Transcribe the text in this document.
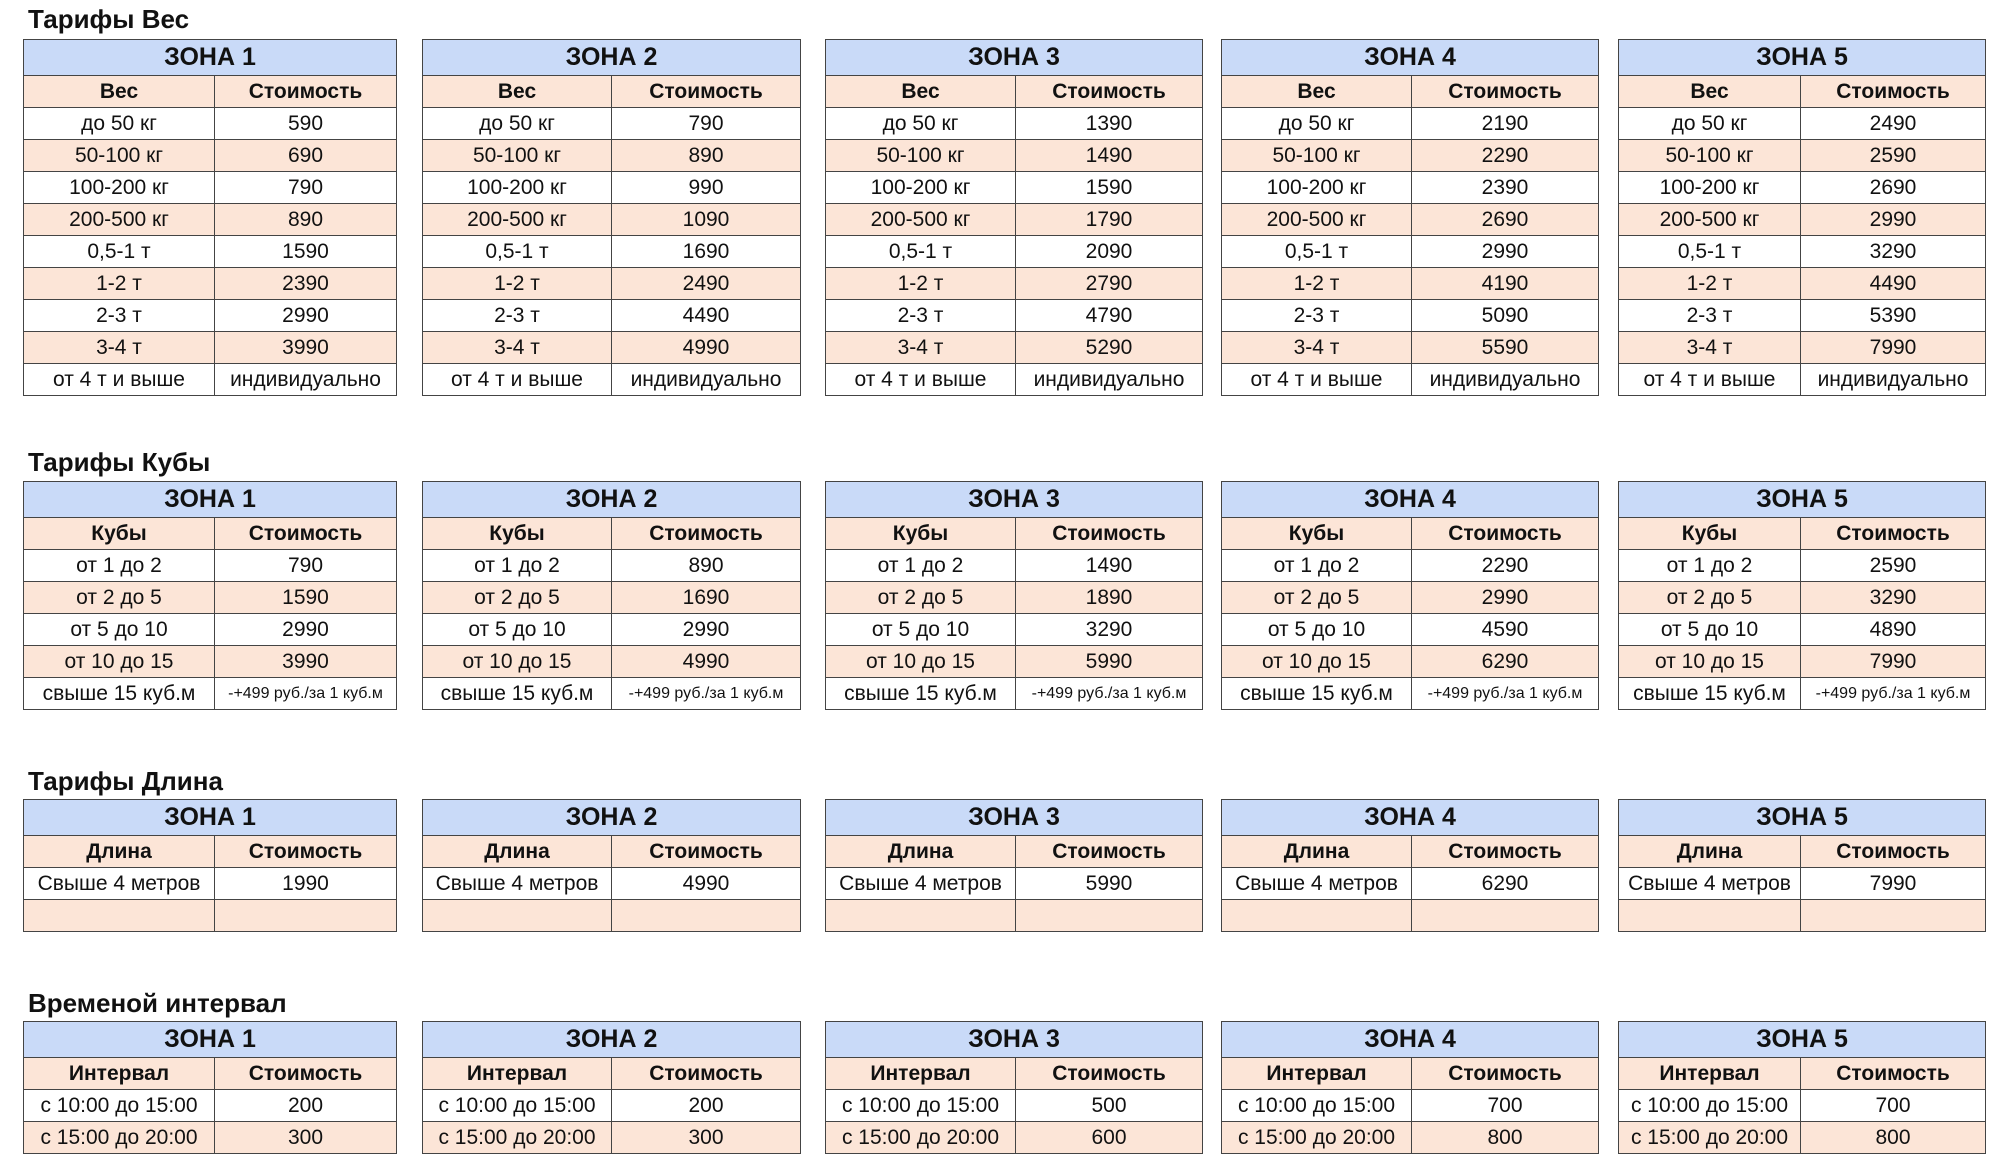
Тарифы Вес
ЗОНА 1
Вес	Стоимость
до 50 кг	590
50-100 кг	690
100-200 кг	790
200-500 кг	890
0,5-1 т	1590
1-2 т	2390
2-3 т	2990
3-4 т	3990
от 4 т и выше	индивидуально
ЗОНА 2
Вес	Стоимость
до 50 кг	790
50-100 кг	890
100-200 кг	990
200-500 кг	1090
0,5-1 т	1690
1-2 т	2490
2-3 т	4490
3-4 т	4990
от 4 т и выше	индивидуально
ЗОНА 3
Вес	Стоимость
до 50 кг	1390
50-100 кг	1490
100-200 кг	1590
200-500 кг	1790
0,5-1 т	2090
1-2 т	2790
2-3 т	4790
3-4 т	5290
от 4 т и выше	индивидуально
ЗОНА 4
Вес	Стоимость
до 50 кг	2190
50-100 кг	2290
100-200 кг	2390
200-500 кг	2690
0,5-1 т	2990
1-2 т	4190
2-3 т	5090
3-4 т	5590
от 4 т и выше	индивидуально
ЗОНА 5
Вес	Стоимость
до 50 кг	2490
50-100 кг	2590
100-200 кг	2690
200-500 кг	2990
0,5-1 т	3290
1-2 т	4490
2-3 т	5390
3-4 т	7990
от 4 т и выше	индивидуально
Тарифы Кубы
ЗОНА 1
Кубы	Стоимость
от 1 до 2	790
от 2 до 5	1590
от 5 до 10	2990
от 10 до 15	3990
свыше 15 куб.м	-+499 руб./за 1 куб.м
ЗОНА 2
Кубы	Стоимость
от 1 до 2	890
от 2 до 5	1690
от 5 до 10	2990
от 10 до 15	4990
свыше 15 куб.м	-+499 руб./за 1 куб.м
ЗОНА 3
Кубы	Стоимость
от 1 до 2	1490
от 2 до 5	1890
от 5 до 10	3290
от 10 до 15	5990
свыше 15 куб.м	-+499 руб./за 1 куб.м
ЗОНА 4
Кубы	Стоимость
от 1 до 2	2290
от 2 до 5	2990
от 5 до 10	4590
от 10 до 15	6290
свыше 15 куб.м	-+499 руб./за 1 куб.м
ЗОНА 5
Кубы	Стоимость
от 1 до 2	2590
от 2 до 5	3290
от 5 до 10	4890
от 10 до 15	7990
свыше 15 куб.м	-+499 руб./за 1 куб.м
Тарифы Длина
ЗОНА 1
Длина	Стоимость
Свыше 4 метров	1990
ЗОНА 2
Длина	Стоимость
Свыше 4 метров	4990
ЗОНА 3
Длина	Стоимость
Свыше 4 метров	5990
ЗОНА 4
Длина	Стоимость
Свыше 4 метров	6290
ЗОНА 5
Длина	Стоимость
Свыше 4 метров	7990
Временой интервал
ЗОНА 1
Интервал	Стоимость
с 10:00 до 15:00	200
с 15:00 до 20:00	300
ЗОНА 2
Интервал	Стоимость
с 10:00 до 15:00	200
с 15:00 до 20:00	300
ЗОНА 3
Интервал	Стоимость
с 10:00 до 15:00	500
с 15:00 до 20:00	600
ЗОНА 4
Интервал	Стоимость
с 10:00 до 15:00	700
с 15:00 до 20:00	800
ЗОНА 5
Интервал	Стоимость
с 10:00 до 15:00	700
с 15:00 до 20:00	800
